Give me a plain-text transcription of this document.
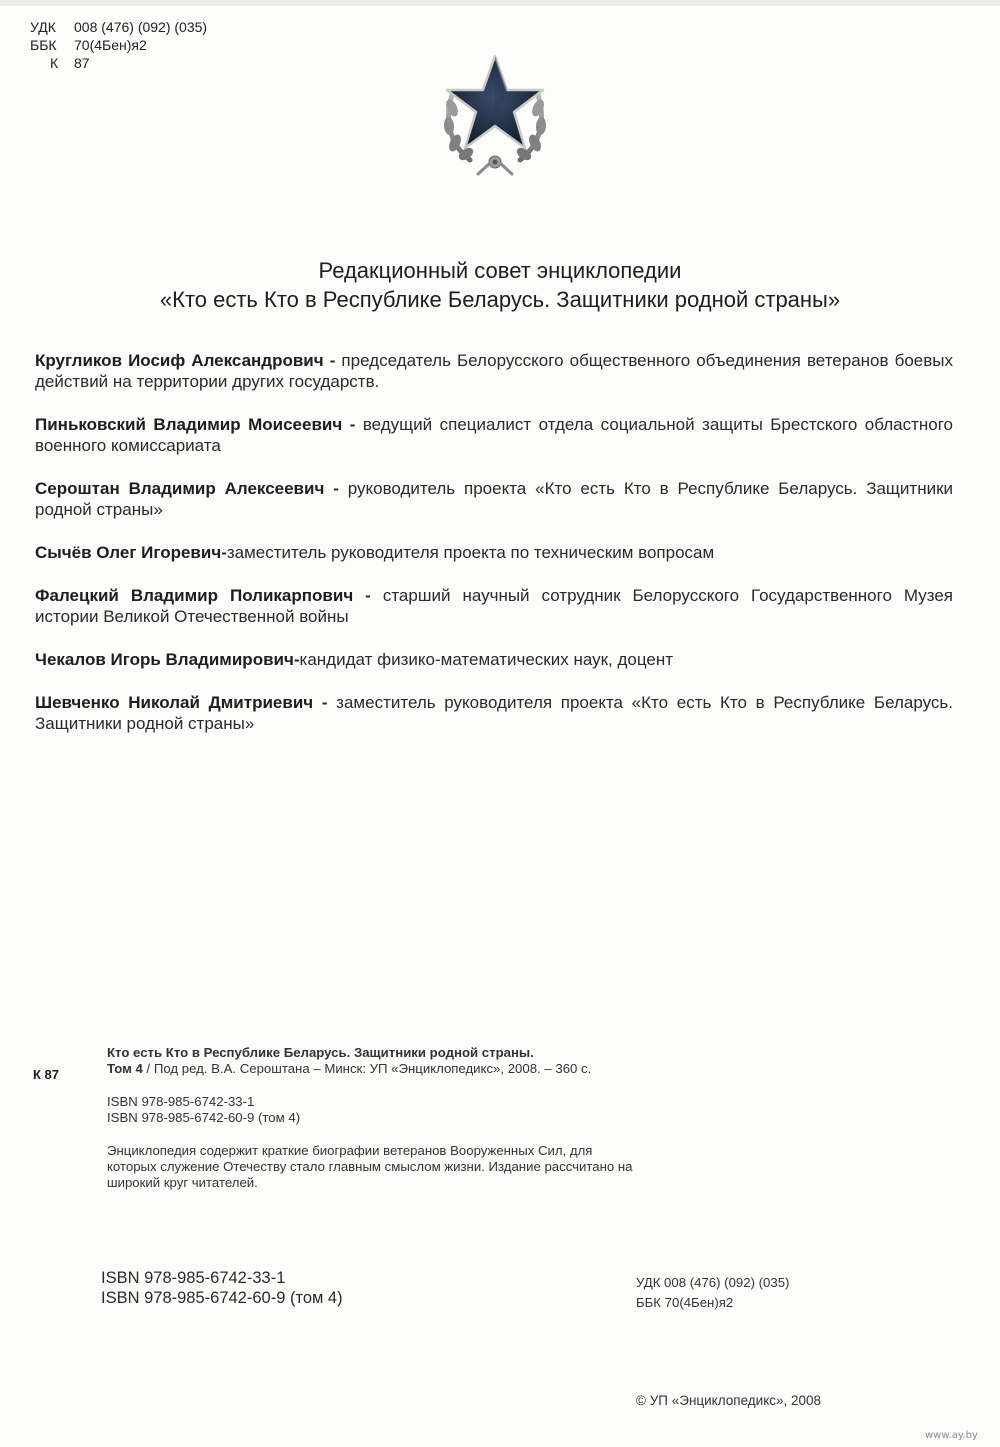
УДК	008 (476) (092) (035)
ББК	70(4Бен)я2
К	87
Редакционный совет энциклопедии
«Кто есть Кто в Республике Беларусь. Защитники родной страны»
Кругликов Иосиф Александрович - председатель Белорусского общественного объединения ветеранов боевых действий на территории других государств.
Пиньковский Владимир Моисеевич - ведущий специалист отдела социальной защиты Брестского областного военного комиссариата
Сероштан Владимир Алексеевич - руководитель проекта «Кто есть Кто в Республике Беларусь. Защитники родной страны»
Сычёв Олег Игоревич-заместитель руководителя проекта по техническим вопросам
Фалецкий Владимир Поликарпович - старший научный сотрудник Белорусского Государственного Музея истории Великой Отечественной войны
Чекалов Игорь Владимирович-кандидат физико-математических наук, доцент
Шевченко Николай Дмитриевич - заместитель руководителя проекта «Кто есть Кто в Республике Беларусь. Защитники родной страны»
К 87

Кто есть Кто в Республике Беларусь. Защитники родной страны.
Том 4 / Под ред. В.А. Сероштана – Минск: УП «Энциклопедикс», 2008. – 360 с.

ISBN 978-985-6742-33-1
ISBN 978-985-6742-60-9 (том 4)

Энциклопедия содержит краткие биографии ветеранов Вооруженных Сил, для которых служение Отечеству стало главным смыслом жизни. Издание рассчитано на широкий круг читателей.

ISBN 978-985-6742-33-1
ISBN 978-985-6742-60-9 (том 4)
УДК 008 (476) (092) (035)
ББК 70(4Бен)я2
© УП «Энциклопедикс», 2008
www.ay.by
